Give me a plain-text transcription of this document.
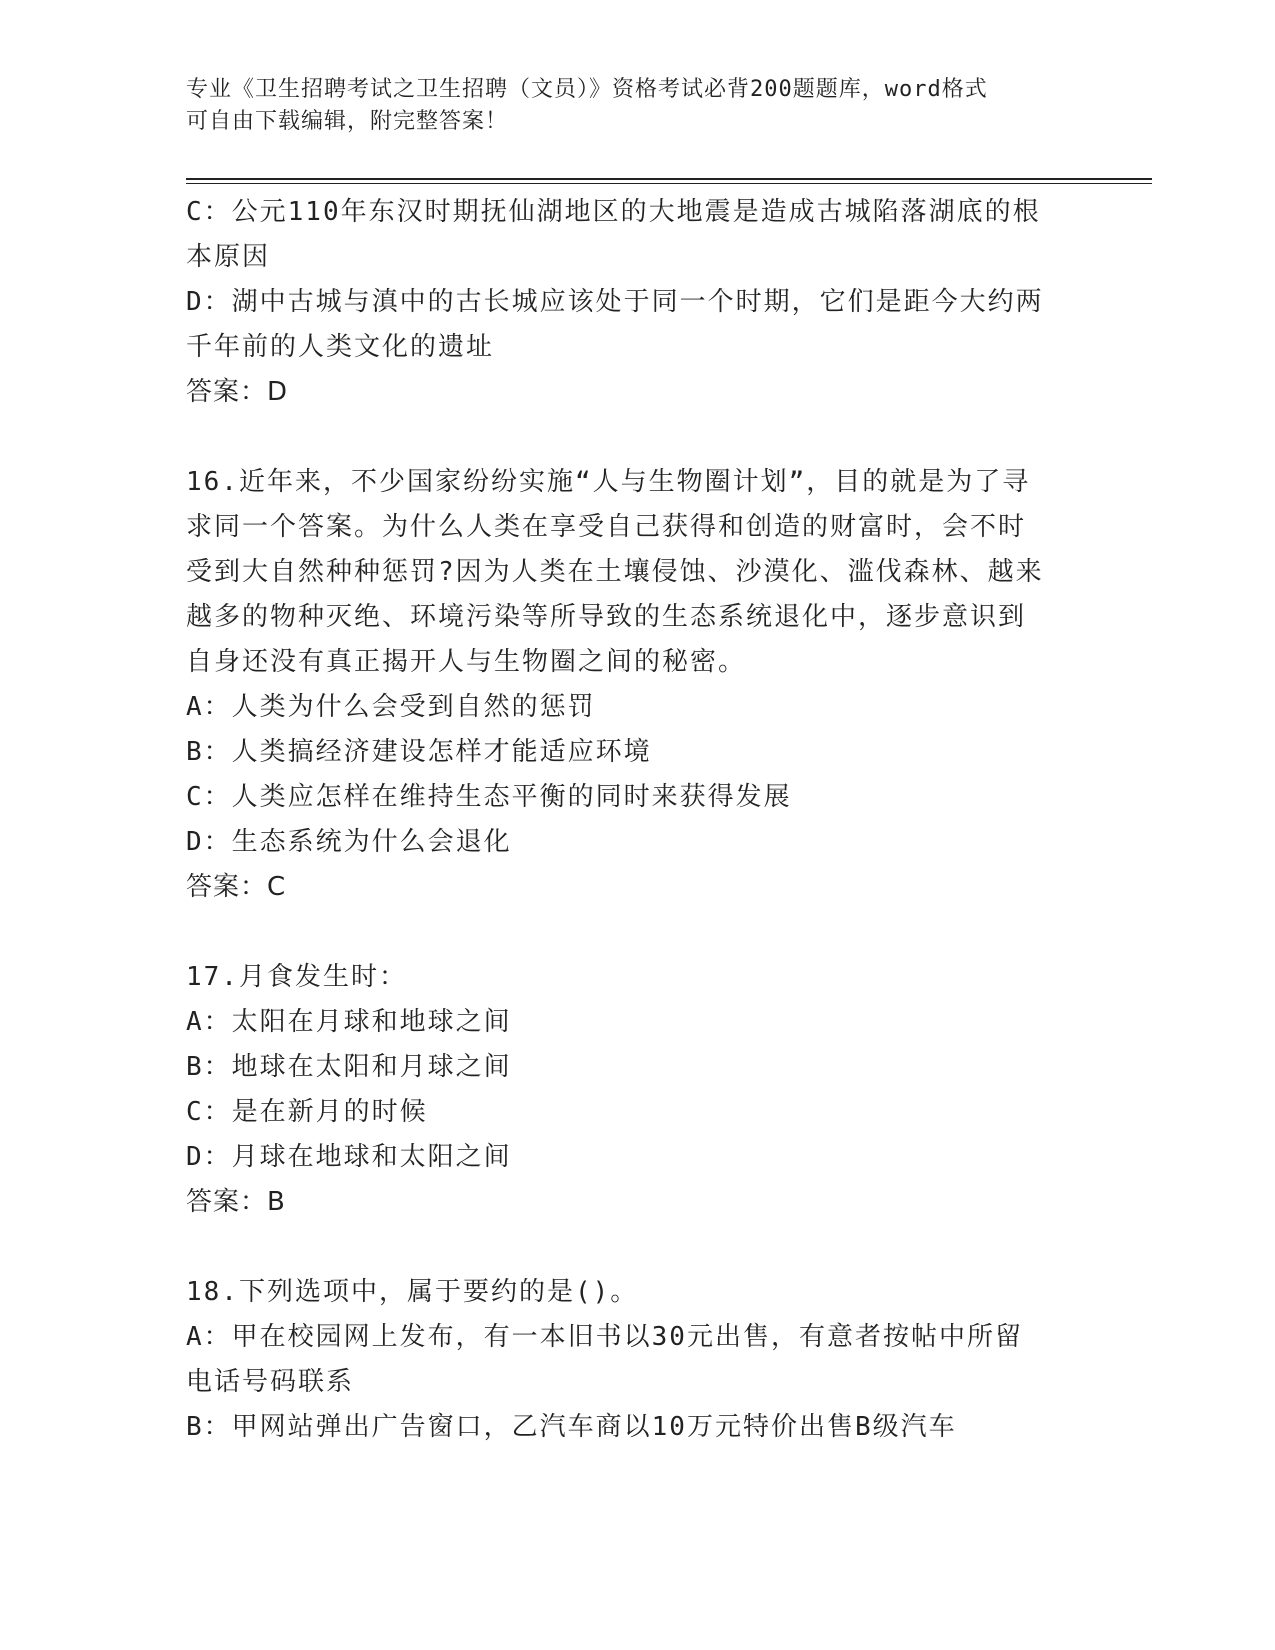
专业《卫生招聘考试之卫生招聘（文员）》资格考试必背200题题库，word格式
可自由下载编辑，附完整答案！
C：公元110年东汉时期抚仙湖地区的大地震是造成古城陷落湖底的根
本原因
D：湖中古城与滇中的古长城应该处于同一个时期，它们是距今大约两
千年前的人类文化的遗址
答案：D
16.近年来，不少国家纷纷实施“人与生物圈计划”，目的就是为了寻
求同一个答案。为什么人类在享受自己获得和创造的财富时，会不时
受到大自然种种惩罚?因为人类在土壤侵蚀、沙漠化、滥伐森林、越来
越多的物种灭绝、环境污染等所导致的生态系统退化中，逐步意识到
自身还没有真正揭开人与生物圈之间的秘密。
A：人类为什么会受到自然的惩罚
B：人类搞经济建设怎样才能适应环境
C：人类应怎样在维持生态平衡的同时来获得发展
D：生态系统为什么会退化
答案：C
17.月食发生时：
A：太阳在月球和地球之间
B：地球在太阳和月球之间
C：是在新月的时候
D：月球在地球和太阳之间
答案：B
18.下列选项中，属于要约的是()。
A：甲在校园网上发布，有一本旧书以30元出售，有意者按帖中所留
电话号码联系
B：甲网站弹出广告窗口，乙汽车商以10万元特价出售B级汽车
